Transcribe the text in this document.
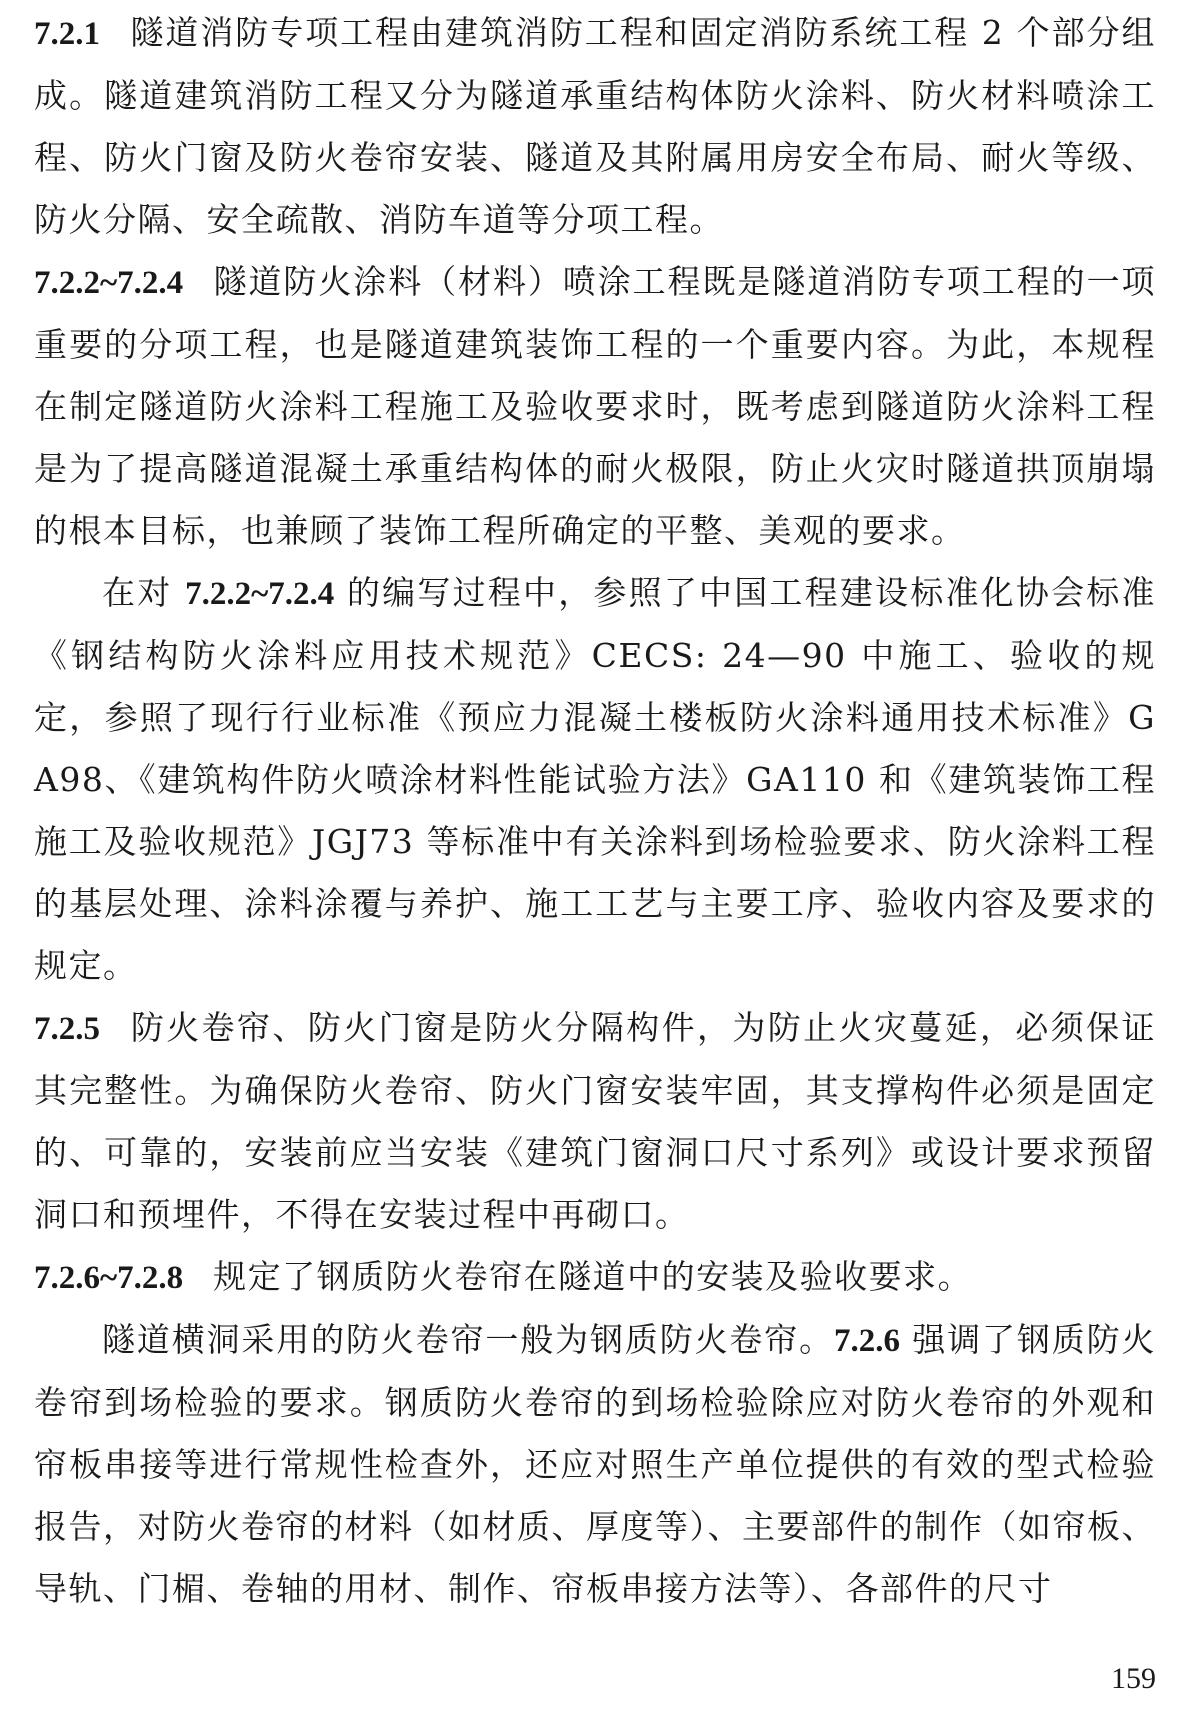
7.2.1 隧道消防专项工程由建筑消防工程和固定消防系统工程 2 个部分组成。隧道建筑消防工程又分为隧道承重结构体防火涂料、防火材料喷涂工程、防火门窗及防火卷帘安装、隧道及其附属用房安全布局、耐火等级、防火分隔、安全疏散、消防车道等分项工程。

7.2.2~7.2.4 隧道防火涂料（材料）喷涂工程既是隧道消防专项工程的一项重要的分项工程，也是隧道建筑装饰工程的一个重要内容。为此，本规程在制定隧道防火涂料工程施工及验收要求时，既考虑到隧道防火涂料工程是为了提高隧道混凝土承重结构体的耐火极限，防止火灾时隧道拱顶崩塌的根本目标，也兼顾了装饰工程所确定的平整、美观的要求。

在对 7.2.2~7.2.4 的编写过程中，参照了中国工程建设标准化协会标准《钢结构防火涂料应用技术规范》CECS: 24—90 中施工、验收的规定，参照了现行行业标准《预应力混凝土楼板防火涂料通用技术标准》GA98、《建筑构件防火喷涂材料性能试验方法》GA110 和《建筑装饰工程施工及验收规范》JGJ73 等标准中有关涂料到场检验要求、防火涂料工程的基层处理、涂料涂覆与养护、施工工艺与主要工序、验收内容及要求的规定。

7.2.5 防火卷帘、防火门窗是防火分隔构件，为防止火灾蔓延，必须保证其完整性。为确保防火卷帘、防火门窗安装牢固，其支撑构件必须是固定的、可靠的，安装前应当安装《建筑门窗洞口尺寸系列》或设计要求预留洞口和预埋件，不得在安装过程中再砌口。

7.2.6~7.2.8 规定了钢质防火卷帘在隧道中的安装及验收要求。

隧道横洞采用的防火卷帘一般为钢质防火卷帘。7.2.6 强调了钢质防火卷帘到场检验的要求。钢质防火卷帘的到场检验除应对防火卷帘的外观和帘板串接等进行常规性检查外，还应对照生产单位提供的有效的型式检验报告，对防火卷帘的材料（如材质、厚度等）、主要部件的制作（如帘板、导轨、门楣、卷轴的用材、制作、帘板串接方法等）、各部件的尺寸

159
